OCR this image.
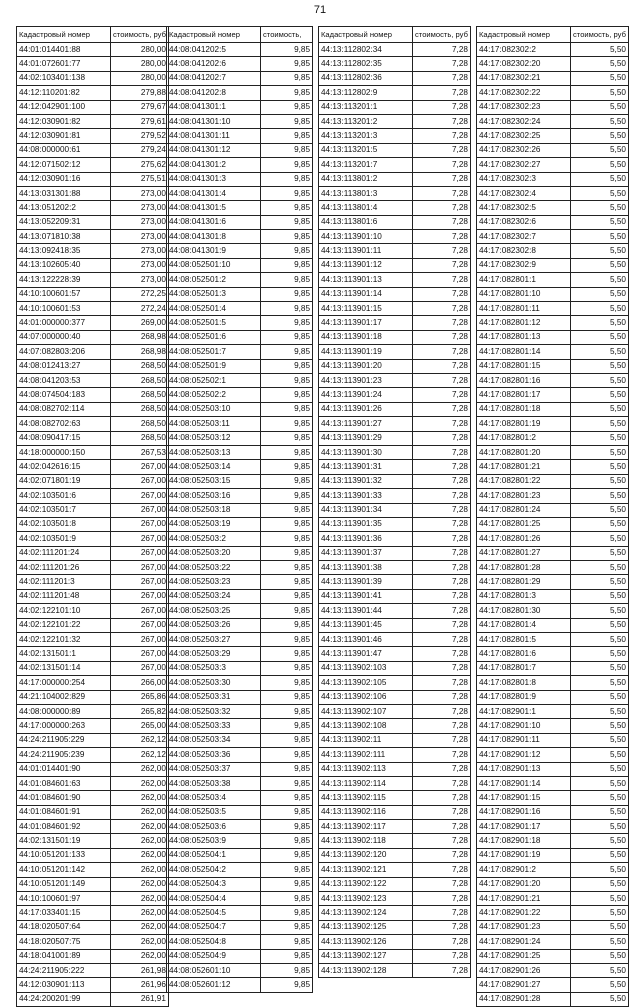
71
Кадастровый номер	стоимость, руб
44:01:014401:88	280,00
44:01:072601:77	280,00
44:02:103401:138	280,00
44:12:110201:82	279,88
44:12:042901:100	279,67
44:12:030901:82	279,61
44:12:030901:81	279,52
44:08:000000:61	279,24
44:12:071502:12	275,62
44:12:030901:16	275,51
44:13:031301:88	273,00
44:13:051202:2	273,00
44:13:052209:31	273,00
44:13:071810:38	273,00
44:13:092418:35	273,00
44:13:102605:40	273,00
44:13:122228:39	273,00
44:10:100601:57	272,25
44:10:100601:53	272,24
44:01:000000:377	269,00
44:07:000000:40	268,98
44:07:082803:206	268,98
44:08:012413:27	268,50
44:08:041203:53	268,50
44:08:074504:183	268,50
44:08:082702:114	268,50
44:08:082702:63	268,50
44:08:090417:15	268,50
44:18:000000:150	267,53
44:02:042616:15	267,00
44:02:071801:19	267,00
44:02:103501:6	267,00
44:02:103501:7	267,00
44:02:103501:8	267,00
44:02:103501:9	267,00
44:02:111201:24	267,00
44:02:111201:26	267,00
44:02:111201:3	267,00
44:02:111201:48	267,00
44:02:122101:10	267,00
44:02:122101:22	267,00
44:02:122101:32	267,00
44:02:131501:1	267,00
44:02:131501:14	267,00
44:17:000000:254	266,00
44:21:104002:829	265,86
44:08:000000:89	265,82
44:17:000000:263	265,00
44:24:211905:229	262,12
44:24:211905:239	262,12
44:01:014401:90	262,00
44:01:084601:63	262,00
44:01:084601:90	262,00
44:01:084601:91	262,00
44:01:084601:92	262,00
44:02:131501:19	262,00
44:10:051201:133	262,00
44:10:051201:142	262,00
44:10:051201:149	262,00
44:10:100601:97	262,00
44:17:033401:15	262,00
44:18:020507:64	262,00
44:18:020507:75	262,00
44:18:041001:89	262,00
44:24:211905:222	261,98
44:12:030901:113	261,96
44:24:200201:99	261,91
Кадастровый номер	стоимость,
44:08:041202:5	9,85
44:08:041202:6	9,85
44:08:041202:7	9,85
44:08:041202:8	9,85
44:08:041301:1	9,85
44:08:041301:10	9,85
44:08:041301:11	9,85
44:08:041301:12	9,85
44:08:041301:2	9,85
44:08:041301:3	9,85
44:08:041301:4	9,85
44:08:041301:5	9,85
44:08:041301:6	9,85
44:08:041301:8	9,85
44:08:041301:9	9,85
44:08:052501:10	9,85
44:08:052501:2	9,85
44:08:052501:3	9,85
44:08:052501:4	9,85
44:08:052501:5	9,85
44:08:052501:6	9,85
44:08:052501:7	9,85
44:08:052501:9	9,85
44:08:052502:1	9,85
44:08:052502:2	9,85
44:08:052503:10	9,85
44:08:052503:11	9,85
44:08:052503:12	9,85
44:08:052503:13	9,85
44:08:052503:14	9,85
44:08:052503:15	9,85
44:08:052503:16	9,85
44:08:052503:18	9,85
44:08:052503:19	9,85
44:08:052503:2	9,85
44:08:052503:20	9,85
44:08:052503:22	9,85
44:08:052503:23	9,85
44:08:052503:24	9,85
44:08:052503:25	9,85
44:08:052503:26	9,85
44:08:052503:27	9,85
44:08:052503:29	9,85
44:08:052503:3	9,85
44:08:052503:30	9,85
44:08:052503:31	9,85
44:08:052503:32	9,85
44:08:052503:33	9,85
44:08:052503:34	9,85
44:08:052503:36	9,85
44:08:052503:37	9,85
44:08:052503:38	9,85
44:08:052503:4	9,85
44:08:052503:5	9,85
44:08:052503:6	9,85
44:08:052503:9	9,85
44:08:052504:1	9,85
44:08:052504:2	9,85
44:08:052504:3	9,85
44:08:052504:4	9,85
44:08:052504:5	9,85
44:08:052504:7	9,85
44:08:052504:8	9,85
44:08:052504:9	9,85
44:08:052601:10	9,85
44:08:052601:12	9,85
Кадастровый номер	стоимость, руб
44:13:112802:34	7,28
44:13:112802:35	7,28
44:13:112802:36	7,28
44:13:112802:9	7,28
44:13:113201:1	7,28
44:13:113201:2	7,28
44:13:113201:3	7,28
44:13:113201:5	7,28
44:13:113201:7	7,28
44:13:113801:2	7,28
44:13:113801:3	7,28
44:13:113801:4	7,28
44:13:113801:6	7,28
44:13:113901:10	7,28
44:13:113901:11	7,28
44:13:113901:12	7,28
44:13:113901:13	7,28
44:13:113901:14	7,28
44:13:113901:15	7,28
44:13:113901:17	7,28
44:13:113901:18	7,28
44:13:113901:19	7,28
44:13:113901:20	7,28
44:13:113901:23	7,28
44:13:113901:24	7,28
44:13:113901:26	7,28
44:13:113901:27	7,28
44:13:113901:29	7,28
44:13:113901:30	7,28
44:13:113901:31	7,28
44:13:113901:32	7,28
44:13:113901:33	7,28
44:13:113901:34	7,28
44:13:113901:35	7,28
44:13:113901:36	7,28
44:13:113901:37	7,28
44:13:113901:38	7,28
44:13:113901:39	7,28
44:13:113901:41	7,28
44:13:113901:44	7,28
44:13:113901:45	7,28
44:13:113901:46	7,28
44:13:113901:47	7,28
44:13:113902:103	7,28
44:13:113902:105	7,28
44:13:113902:106	7,28
44:13:113902:107	7,28
44:13:113902:108	7,28
44:13:113902:11	7,28
44:13:113902:111	7,28
44:13:113902:113	7,28
44:13:113902:114	7,28
44:13:113902:115	7,28
44:13:113902:116	7,28
44:13:113902:117	7,28
44:13:113902:118	7,28
44:13:113902:120	7,28
44:13:113902:121	7,28
44:13:113902:122	7,28
44:13:113902:123	7,28
44:13:113902:124	7,28
44:13:113902:125	7,28
44:13:113902:126	7,28
44:13:113902:127	7,28
44:13:113902:128	7,28
Кадастровый номер	стоимость, руб
44:17:082302:2	5,50
44:17:082302:20	5,50
44:17:082302:21	5,50
44:17:082302:22	5,50
44:17:082302:23	5,50
44:17:082302:24	5,50
44:17:082302:25	5,50
44:17:082302:26	5,50
44:17:082302:27	5,50
44:17:082302:3	5,50
44:17:082302:4	5,50
44:17:082302:5	5,50
44:17:082302:6	5,50
44:17:082302:7	5,50
44:17:082302:8	5,50
44:17:082302:9	5,50
44:17:082801:1	5,50
44:17:082801:10	5,50
44:17:082801:11	5,50
44:17:082801:12	5,50
44:17:082801:13	5,50
44:17:082801:14	5,50
44:17:082801:15	5,50
44:17:082801:16	5,50
44:17:082801:17	5,50
44:17:082801:18	5,50
44:17:082801:19	5,50
44:17:082801:2	5,50
44:17:082801:20	5,50
44:17:082801:21	5,50
44:17:082801:22	5,50
44:17:082801:23	5,50
44:17:082801:24	5,50
44:17:082801:25	5,50
44:17:082801:26	5,50
44:17:082801:27	5,50
44:17:082801:28	5,50
44:17:082801:29	5,50
44:17:082801:3	5,50
44:17:082801:30	5,50
44:17:082801:4	5,50
44:17:082801:5	5,50
44:17:082801:6	5,50
44:17:082801:7	5,50
44:17:082801:8	5,50
44:17:082801:9	5,50
44:17:082901:1	5,50
44:17:082901:10	5,50
44:17:082901:11	5,50
44:17:082901:12	5,50
44:17:082901:13	5,50
44:17:082901:14	5,50
44:17:082901:15	5,50
44:17:082901:16	5,50
44:17:082901:17	5,50
44:17:082901:18	5,50
44:17:082901:19	5,50
44:17:082901:2	5,50
44:17:082901:20	5,50
44:17:082901:21	5,50
44:17:082901:22	5,50
44:17:082901:23	5,50
44:17:082901:24	5,50
44:17:082901:25	5,50
44:17:082901:26	5,50
44:17:082901:27	5,50
44:17:082901:28	5,50
